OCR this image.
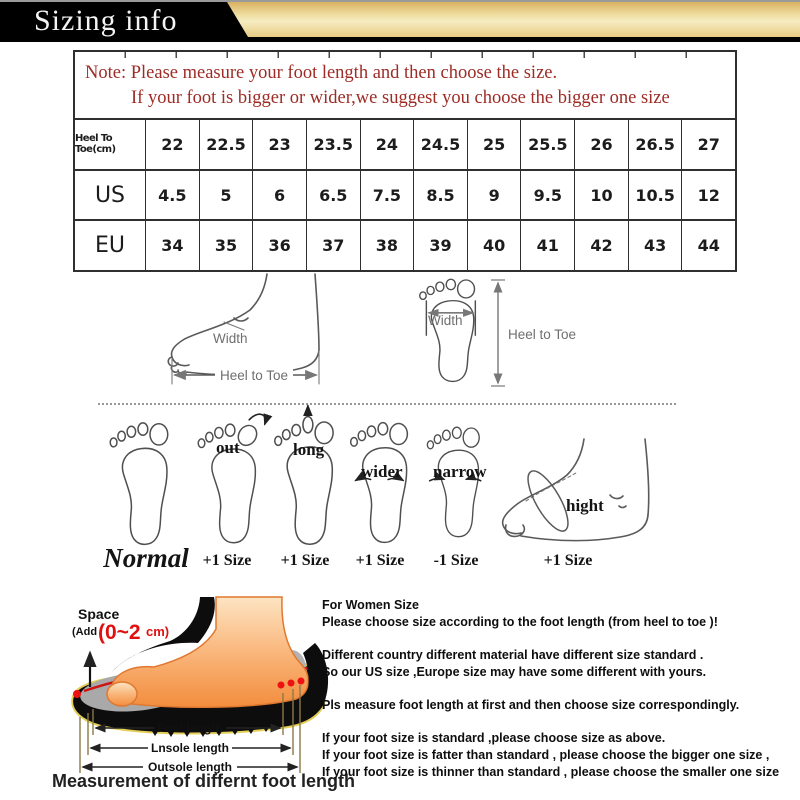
Sizing info
Note: Please measure your foot length and then choose the size.
If your foot is bigger or wider,we suggest you choose the bigger one size
Heel To Toe(cm)	22	22.5	23	23.5	24	24.5	25	25.5	26	26.5	27
US	4.5	5	6	6.5	7.5	8.5	9	9.5	10	10.5	12
EU	34	35	36	37	38	39	40	41	42	43	44
Width
Heel to Toe
Width
Heel to Toe
out	long
wider narrow
hight
Normal +1 Size	+1 Size	+1 Size	-1 Size	+1 Size
Space
(Add (0~2 cm)
Foot length
Lnsole length
Outsole length
Measurement of differnt foot length
For Women Size
Please choose size according to the foot length (from heel to toe )!
Different country different material have different size standard .
So our US size ,Europe size may have some different with yours.
Pls measure foot length at first and then choose size correspondingly.
If your foot size is standard ,please choose size as above.
If your foot size is fatter than standard , please choose the bigger one size ,
If your foot size is thinner than standard , please choose the smaller one size
